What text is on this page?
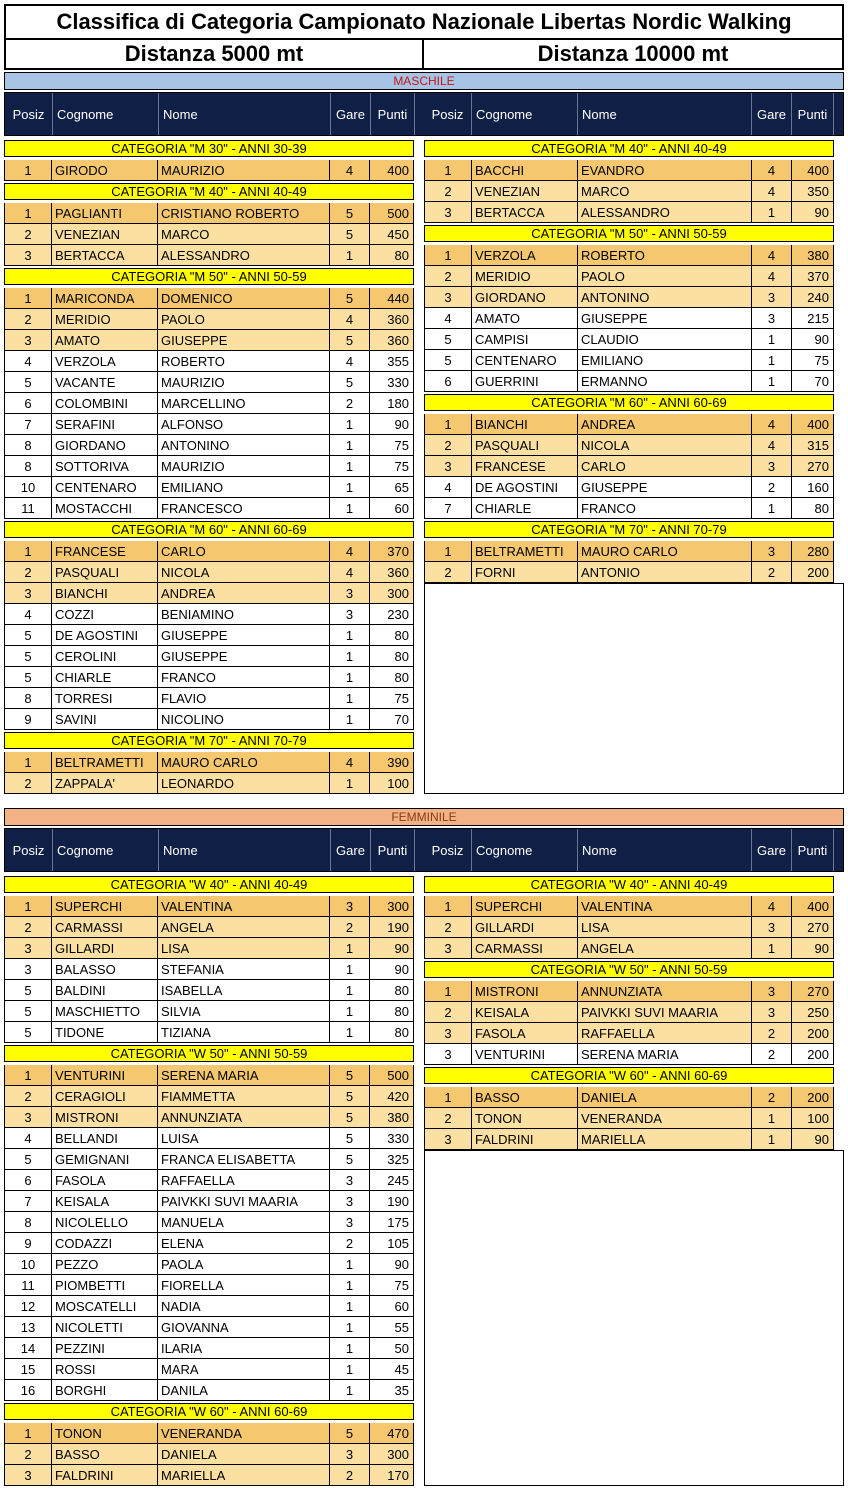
Classifica di Categoria Campionato Nazionale Libertas Nordic Walking
Distanza 5000 mt	Distanza 10000 mt
MASCHILE
Posiz Cognome	Nome	Gare Punti	Posiz Cognome	Nome	Gare Punti
CATEGORIA "M 30" - ANNI 30-39
1	GIRODO	MAURIZIO	4	400
CATEGORIA "M 40" - ANNI 40-49
1	PAGLIANTI	CRISTIANO ROBERTO	5	500
2	VENEZIAN	MARCO	5	450
3	BERTACCA	ALESSANDRO	1	80
CATEGORIA "M 50" - ANNI 50-59
1	MARICONDA	DOMENICO	5	440
2	MERIDIO	PAOLO	4	360
3	AMATO	GIUSEPPE	5	360
4	VERZOLA	ROBERTO	4	355
5	VACANTE	MAURIZIO	5	330
6	COLOMBINI	MARCELLINO	2	180
7	SERAFINI	ALFONSO	1	90
8	GIORDANO	ANTONINO	1	75
8	SOTTORIVA	MAURIZIO	1	75
10	CENTENARO	EMILIANO	1	65
11	MOSTACCHI	FRANCESCO	1	60
CATEGORIA "M 60" - ANNI 60-69
1	FRANCESE	CARLO	4	370
2	PASQUALI	NICOLA	4	360
3	BIANCHI	ANDREA	3	300
4	COZZI	BENIAMINO	3	230
5	DE AGOSTINI	GIUSEPPE	1	80
5	CEROLINI	GIUSEPPE	1	80
5	CHIARLE	FRANCO	1	80
8	TORRESI	FLAVIO	1	75
9	SAVINI	NICOLINO	1	70
CATEGORIA "M 70" - ANNI 70-79
1	BELTRAMETTI	MAURO CARLO	4	390
2	ZAPPALA'	LEONARDO	1	100
CATEGORIA "M 40" - ANNI 40-49
1	BACCHI	EVANDRO	4	400
2	VENEZIAN	MARCO	4	350
3	BERTACCA	ALESSANDRO	1	90
CATEGORIA "M 50" - ANNI 50-59
1	VERZOLA	ROBERTO	4	380
2	MERIDIO	PAOLO	4	370
3	GIORDANO	ANTONINO	3	240
4	AMATO	GIUSEPPE	3	215
5	CAMPISI	CLAUDIO	1	90
5	CENTENARO	EMILIANO	1	75
6	GUERRINI	ERMANNO	1	70
CATEGORIA "M 60" - ANNI 60-69
1	BIANCHI	ANDREA	4	400
2	PASQUALI	NICOLA	4	315
3	FRANCESE	CARLO	3	270
4	DE AGOSTINI	GIUSEPPE	2	160
7	CHIARLE	FRANCO	1	80
CATEGORIA "M 70" - ANNI 70-79
1	BELTRAMETTI	MAURO CARLO	3	280
2	FORNI	ANTONIO	2	200
FEMMINILE
Posiz Cognome	Nome	Gare Punti	Posiz Cognome	Nome	Gare Punti
CATEGORIA "W 40" - ANNI 40-49
1	SUPERCHI	VALENTINA	3	300
2	CARMASSI	ANGELA	2	190
3	GILLARDI	LISA	1	90
3	BALASSO	STEFANIA	1	90
5	BALDINI	ISABELLA	1	80
5	MASCHIETTO	SILVIA	1	80
5	TIDONE	TIZIANA	1	80
CATEGORIA "W 50" - ANNI 50-59
1	VENTURINI	SERENA MARIA	5	500
2	CERAGIOLI	FIAMMETTA	5	420
3	MISTRONI	ANNUNZIATA	5	380
4	BELLANDI	LUISA	5	330
5	GEMIGNANI	FRANCA ELISABETTA	5	325
6	FASOLA	RAFFAELLA	3	245
7	KEISALA	PAIVKKI SUVI MAARIA	3	190
8	NICOLELLO	MANUELA	3	175
9	CODAZZI	ELENA	2	105
10	PEZZO	PAOLA	1	90
11	PIOMBETTI	FIORELLA	1	75
12	MOSCATELLI	NADIA	1	60
13	NICOLETTI	GIOVANNA	1	55
14	PEZZINI	ILARIA	1	50
15	ROSSI	MARA	1	45
16	BORGHI	DANILA	1	35
CATEGORIA "W 60" - ANNI 60-69
1	TONON	VENERANDA	5	470
2	BASSO	DANIELA	3	300
3	FALDRINI	MARIELLA	2	170
CATEGORIA "W 40" - ANNI 40-49
1	SUPERCHI	VALENTINA	4	400
2	GILLARDI	LISA	3	270
3	CARMASSI	ANGELA	1	90
CATEGORIA "W 50" - ANNI 50-59
1	MISTRONI	ANNUNZIATA	3	270
2	KEISALA	PAIVKKI SUVI MAARIA	3	250
3	FASOLA	RAFFAELLA	2	200
3	VENTURINI	SERENA MARIA	2	200
CATEGORIA "W 60" - ANNI 60-69
1	BASSO	DANIELA	2	200
2	TONON	VENERANDA	1	100
3	FALDRINI	MARIELLA	1	90
